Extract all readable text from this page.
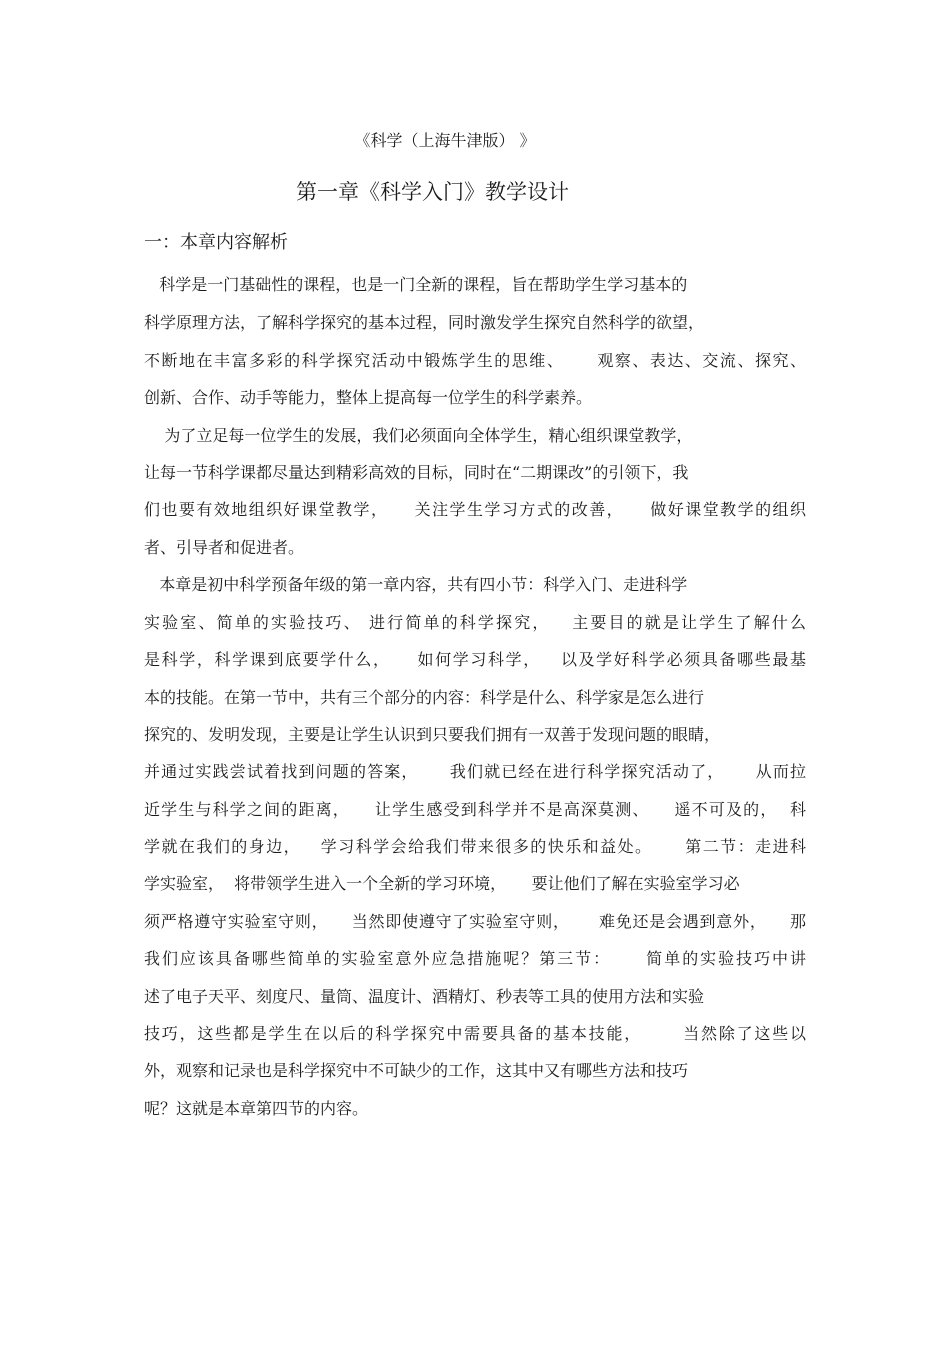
《科学（上海牛津版） 》
第一章《科学入门》教学设计
一：本章内容解析
科学是一门基础性的课程，也是一门全新的课程，旨在帮助学生学习基本的
科学原理方法，了解科学探究的基本过程，同时激发学生探究自然科学的欲望，
不断地在丰富多彩的科学探究活动中锻炼学生的思维、     观察、表达、交流、探究、
创新、合作、动手等能力，整体上提高每一位学生的科学素养。
为了立足每一位学生的发展，我们必须面向全体学生，精心组织课堂教学，
让每一节科学课都尽量达到精彩高效的目标，同时在“二期课改”的引领下，我
们也要有效地组织好课堂教学，    关注学生学习方式的改善，    做好课堂教学的组织
者、引导者和促进者。
本章是初中科学预备年级的第一章内容，共有四小节：科学入门、走进科学
实验室、简单的实验技巧、 进行简单的科学探究，   主要目的就是让学生了解什么
是科学，科学课到底要学什么，    如何学习科学，   以及学好科学必须具备哪些最基
本的技能。在第一节中，共有三个部分的内容：科学是什么、科学家是怎么进行
探究的、发明发现，主要是让学生认识到只要我们拥有一双善于发现问题的眼睛，
并通过实践尝试着找到问题的答案，     我们就已经在进行科学探究活动了，     从而拉
近学生与科学之间的距离，    让学生感受到科学并不是高深莫测、    遥不可及的，  科
学就在我们的身边，   学习科学会给我们带来很多的快乐和益处。     第二节：走进科
学实验室，  将带领学生进入一个全新的学习环境，     要让他们了解在实验室学习必
须严格遵守实验室守则，    当然即使遵守了实验室守则，     难免还是会遇到意外，    那
我们应该具备哪些简单的实验室意外应急措施呢？第三节：     简单的实验技巧中讲
述了电子天平、刻度尺、量筒、温度计、酒精灯、秒表等工具的使用方法和实验
技巧，这些都是学生在以后的科学探究中需要具备的基本技能，      当然除了这些以
外，观察和记录也是科学探究中不可缺少的工作，这其中又有哪些方法和技巧
呢？这就是本章第四节的内容。
